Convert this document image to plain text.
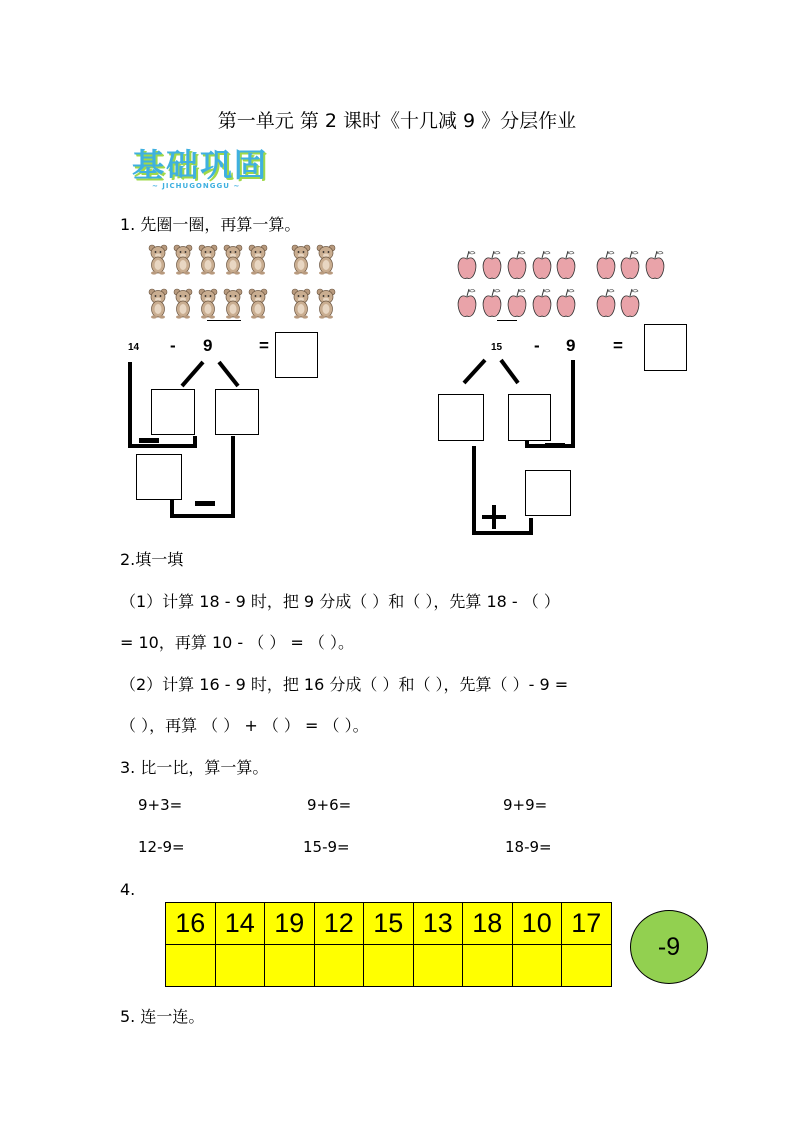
第一单元 第 2 课时《十几减 9 》分层作业
基础巩固
~ JICHUGONGGU ~
1. 先圈一圈，再算一算。
14 - 9	=	15 - 9 =
2.填一填
（1）计算 18 - 9 时，把 9 分成（ ）和（ ），先算 18 - （ ）
= 10，再算 10 - （ ） = （ ）。
（2）计算 16 - 9 时，把 16 分成（ ）和（ ），先算（ ）- 9 =
（ ），再算 （ ） + （ ） = （ ）。
3. 比一比，算一算。
9+3=	9+6=	9+9=
12-9=	15-9=	18-9=
4.
16	14	19	12	15	13	18	10	17

-9
5. 连一连。
